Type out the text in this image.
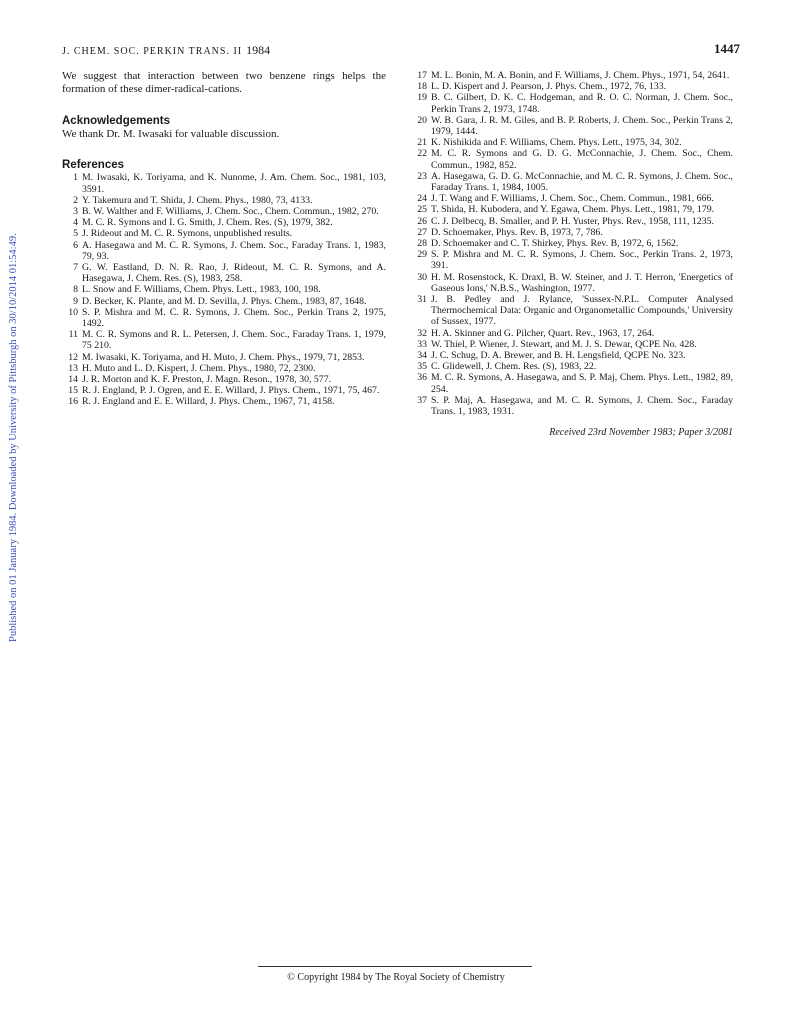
J. CHEM. SOC. PERKIN TRANS. II 1984	1447
Published on 01 January 1984. Downloaded by University of Pittsburgh on 30/10/2014 01:54:49.
We suggest that interaction between two benzene rings helps the formation of these dimer-radical-cations.
Acknowledgements
We thank Dr. M. Iwasaki for valuable discussion.
References
1 M. Iwasaki, K. Toriyama, and K. Nunome, J. Am. Chem. Soc., 1981, 103, 3591.
2 Y. Takemura and T. Shida, J. Chem. Phys., 1980, 73, 4133.
3 B. W. Walther and F. Williams, J. Chem. Soc., Chem. Commun., 1982, 270.
4 M. C. R. Symons and I. G. Smith, J. Chem. Res. (S), 1979, 382.
5 J. Rideout and M. C. R. Symons, unpublished results.
6 A. Hasegawa and M. C. R. Symons, J. Chem. Soc., Faraday Trans. 1, 1983, 79, 93.
7 G. W. Eastland, D. N. R. Rao, J. Rideout, M. C. R. Symons, and A. Hasegawa, J. Chem. Res. (S), 1983, 258.
8 L. Snow and F. Williams, Chem. Phys. Lett., 1983, 100, 198.
9 D. Becker, K. Plante, and M. D. Sevilla, J. Phys. Chem., 1983, 87, 1648.
10 S. P. Mishra and M. C. R. Symons, J. Chem. Soc., Perkin Trans 2, 1975, 1492.
11 M. C. R. Symons and R. L. Petersen, J. Chem. Soc., Faraday Trans. 1, 1979, 75 210.
12 M. Iwasaki, K. Toriyama, and H. Muto, J. Chem. Phys., 1979, 71, 2853.
13 H. Muto and L. D. Kispert, J. Chem. Phys., 1980, 72, 2300.
14 J. R. Morton and K. F. Preston, J. Magn. Reson., 1978, 30, 577.
15 R. J. England, P. J. Ogren, and E. E. Willard, J. Phys. Chem., 1971, 75, 467.
16 R. J. England and E. E. Willard, J. Phys. Chem., 1967, 71, 4158.
17 M. L. Bonin, M. A. Bonin, and F. Williams, J. Chem. Phys., 1971, 54, 2641.
18 L. D. Kispert and J. Pearson, J. Phys. Chem., 1972, 76, 133.
19 B. C. Gilbert, D. K. C. Hodgeman, and R. O. C. Norman, J. Chem. Soc., Perkin Trans 2, 1973, 1748.
20 W. B. Gara, J. R. M. Giles, and B. P. Roberts, J. Chem. Soc., Perkin Trans 2, 1979, 1444.
21 K. Nishikida and F. Williams, Chem. Phys. Lett., 1975, 34, 302.
22 M. C. R. Symons and G. D. G. McConnachie, J. Chem. Soc., Chem. Commun., 1982, 852.
23 A. Hasegawa, G. D. G. McConnachie, and M. C. R. Symons, J. Chem. Soc., Faraday Trans. 1, 1984, 1005.
24 J. T. Wang and F. Williams, J. Chem. Soc., Chem. Commun., 1981, 666.
25 T. Shida, H. Kubodera, and Y. Egawa, Chem. Phys. Lett., 1981, 79, 179.
26 C. J. Delbecq, B. Smaller, and P. H. Yuster, Phys. Rev., 1958, 111, 1235.
27 D. Schoemaker, Phys. Rev. B, 1973, 7, 786.
28 D. Schoemaker and C. T. Shirkey, Phys. Rev. B, 1972, 6, 1562.
29 S. P. Mishra and M. C. R. Symons, J. Chem. Soc., Perkin Trans. 2, 1973, 391.
30 H. M. Rosenstock, K. Draxl, B. W. Steiner, and J. T. Herron, 'Energetics of Gaseous Ions,' N.B.S., Washington, 1977.
31 J. B. Pedley and J. Rylance, 'Sussex-N.P.L. Computer Analysed Thermochemical Data: Organic and Organometallic Compounds,' University of Sussex, 1977.
32 H. A. Skinner and G. Pilcher, Quart. Rev., 1963, 17, 264.
33 W. Thiel, P. Wiener, J. Stewart, and M. J. S. Dewar, QCPE No. 428.
34 J. C. Schug, D. A. Brewer, and B. H. Lengsfield, QCPE No. 323.
35 C. Glidewell, J. Chem. Res. (S), 1983, 22.
36 M. C. R. Symons, A. Hasegawa, and S. P. Maj, Chem. Phys. Lett., 1982, 89, 254.
37 S. P. Maj, A. Hasegawa, and M. C. R. Symons, J. Chem. Soc., Faraday Trans. 1, 1983, 1931.
Received 23rd November 1983; Paper 3/2081
© Copyright 1984 by The Royal Society of Chemistry
